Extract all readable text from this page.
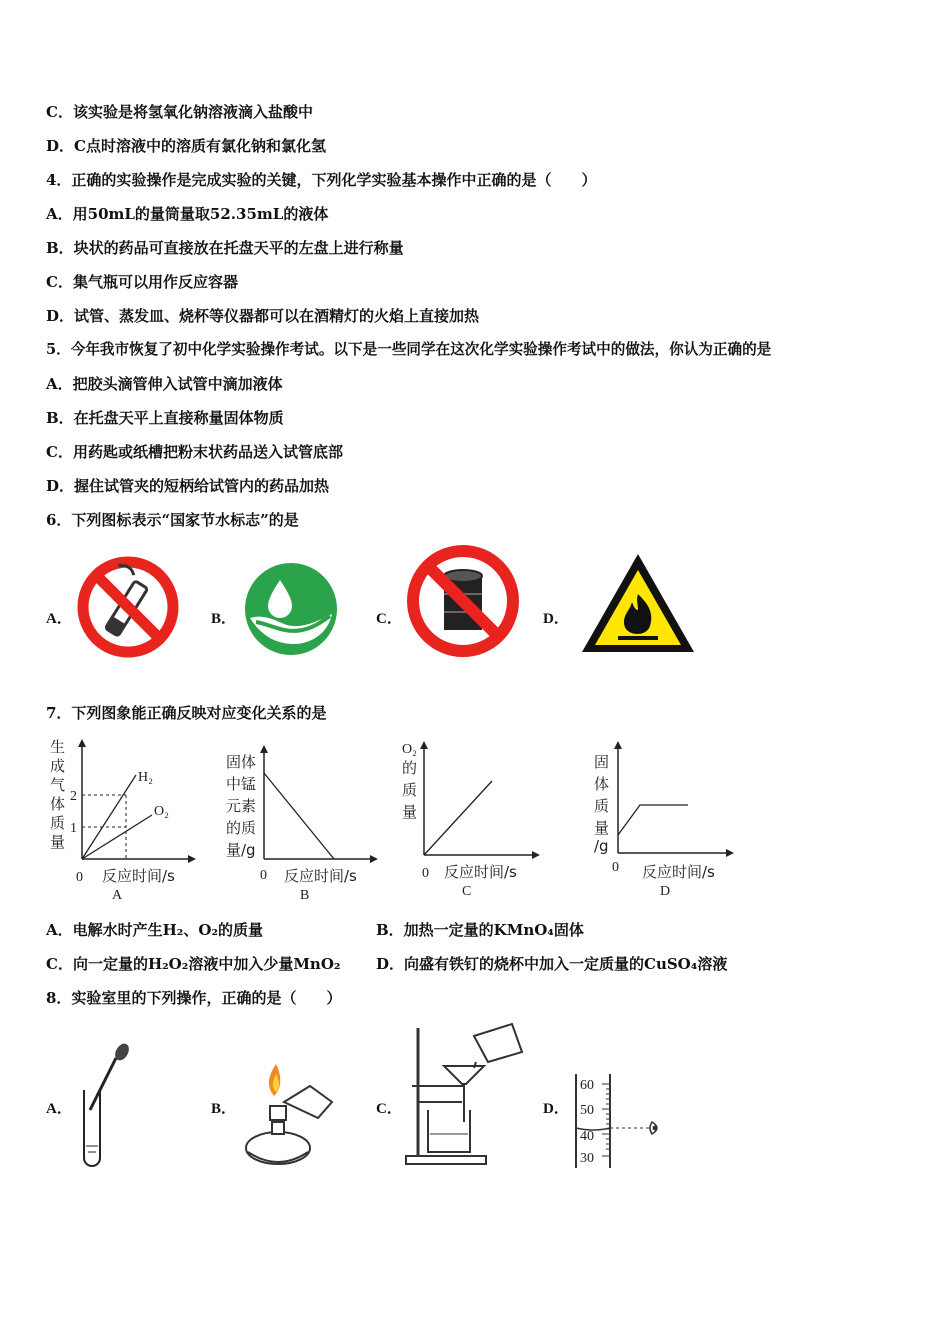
C．该实验是将氢氧化钠溶液滴入盐酸中
D．C点时溶液中的溶质有氯化钠和氯化氢
4．正确的实验操作是完成实验的关键，下列化学实验基本操作中正确的是（　　）
A．用50mL的量筒量取52.35mL的液体
B．块状的药品可直接放在托盘天平的左盘上进行称量
C．集气瓶可以用作反应容器
D．试管、蒸发皿、烧杯等仪器都可以在酒精灯的火焰上直接加热
5．今年我市恢复了初中化学实验操作考试。以下是一些同学在这次化学实验操作考试中的做法，你认为正确的是
A．把胶头滴管伸入试管中滴加液体
B．在托盘天平上直接称量固体物质
C．用药匙或纸槽把粉末状药品送入试管底部
D．握住试管夹的短柄给试管内的药品加热
6．下列图标表示“国家节水标志”的是
A．	B．	C．	D．
7．下列图象能正确反映对应变化关系的是
生
成
气
体
质
量
2
1
H₂
O₂
0 反应时间/s
A
固体
中锰
元素
的质
量/g
0 反应时间/s
B
O₂
的
质
量
0 反应时间/s
C
固
体
质
量
/g
0 反应时间/s
D
A．电解水时产生H₂、O₂的质量	B．加热一定量的KMnO₄固体
C．向一定量的H₂O₂溶液中加入少量MnO₂ D．向盛有铁钉的烧杯中加入一定质量的CuSO₄溶液
8．实验室里的下列操作，正确的是（　　）
A．	B．	C．	D．
60
50
40
30
